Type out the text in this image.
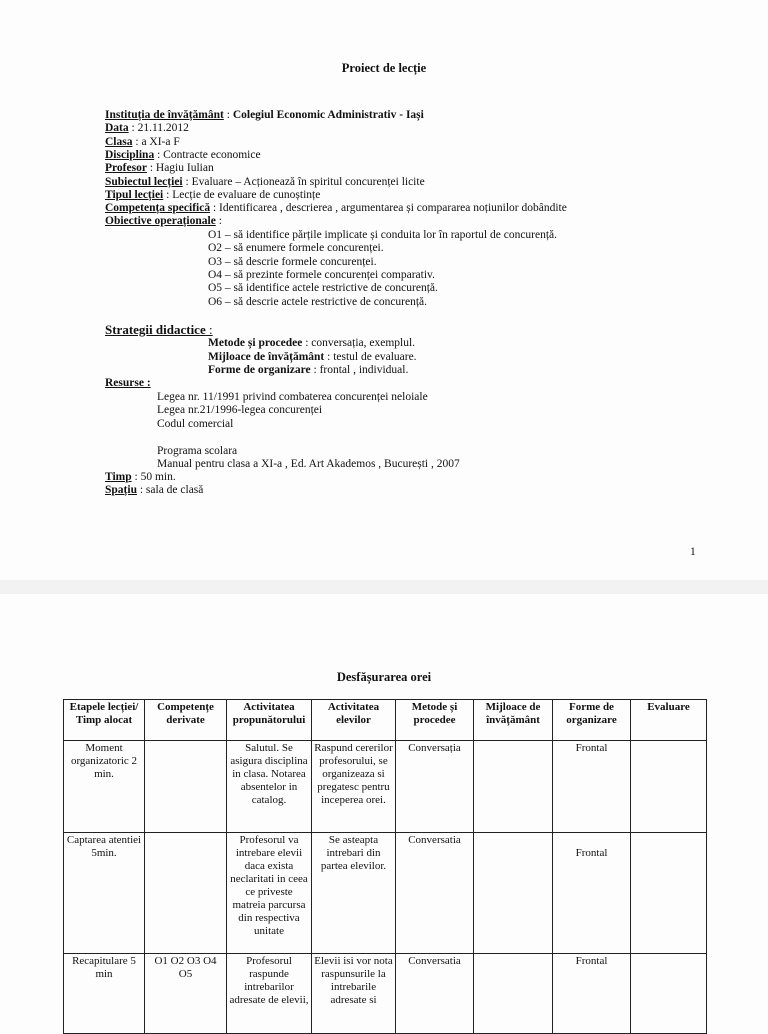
Proiect de lecție
Instituția de învățământ : Colegiul Economic Administrativ - Iași
Data : 21.11.2012
Clasa : a XI-a F
Disciplina : Contracte economice
Profesor : Hagiu Iulian
Subiectul lecției : Evaluare – Acționează în spiritul concurenței licite
Tipul lecției : Lecție de evaluare de cunoștințe
Competența specifică : Identificarea , descrierea , argumentarea și compararea noțiunilor dobândite
Obiective operaționale :
O1 – să identifice părțile implicate și conduita lor în raportul de concurență.
O2 – să enumere formele concurenței.
O3 – să descrie formele concurenței.
O4 – să prezinte formele concurenței comparativ.
O5 – să identifice actele restrictive de concurență.
O6 – să descrie actele restrictive de concurență.
Strategii didactice :
Metode și procedee : conversația, exemplul.
Mijloace de învățământ : testul de evaluare.
Forme de organizare : frontal , individual.
Resurse :
Legea nr. 11/1991 privind combaterea concurenței neloiale
Legea nr.21/1996-legea concurenței
Codul comercial
Programa scolara
Manual pentru clasa a XI-a , Ed. Art Akademos , București , 2007
Timp : 50 min.
Spațiu : sala de clasă
1
Desfășurarea orei
Etapele lecției/ Timp alocat	Competențe derivate	Activitatea propunătorului	Activitatea elevilor	Metode și procedee	Mijloace de învățământ	Forme de organizare	Evaluare
Moment organizatoric 2 min.		Salutul. Se asigura disciplina in clasa. Notarea absentelor in catalog.	Raspund cererilor profesorului, se organizeaza si pregatesc pentru inceperea orei.	Conversația		Frontal	
Captarea atentiei 5min.		Profesorul va intrebare elevii daca exista neclaritati in ceea ce priveste matreia parcursa din respectiva unitate	Se asteapta intrebari din partea elevilor.	Conversatia		Frontal	
Recapitulare 5 min	O1 O2 O3 O4 O5	Profesorul raspunde intrebarilor adresate de elevii,	Elevii isi vor nota raspunsurile la intrebarile adresate si	Conversatia		Frontal	
